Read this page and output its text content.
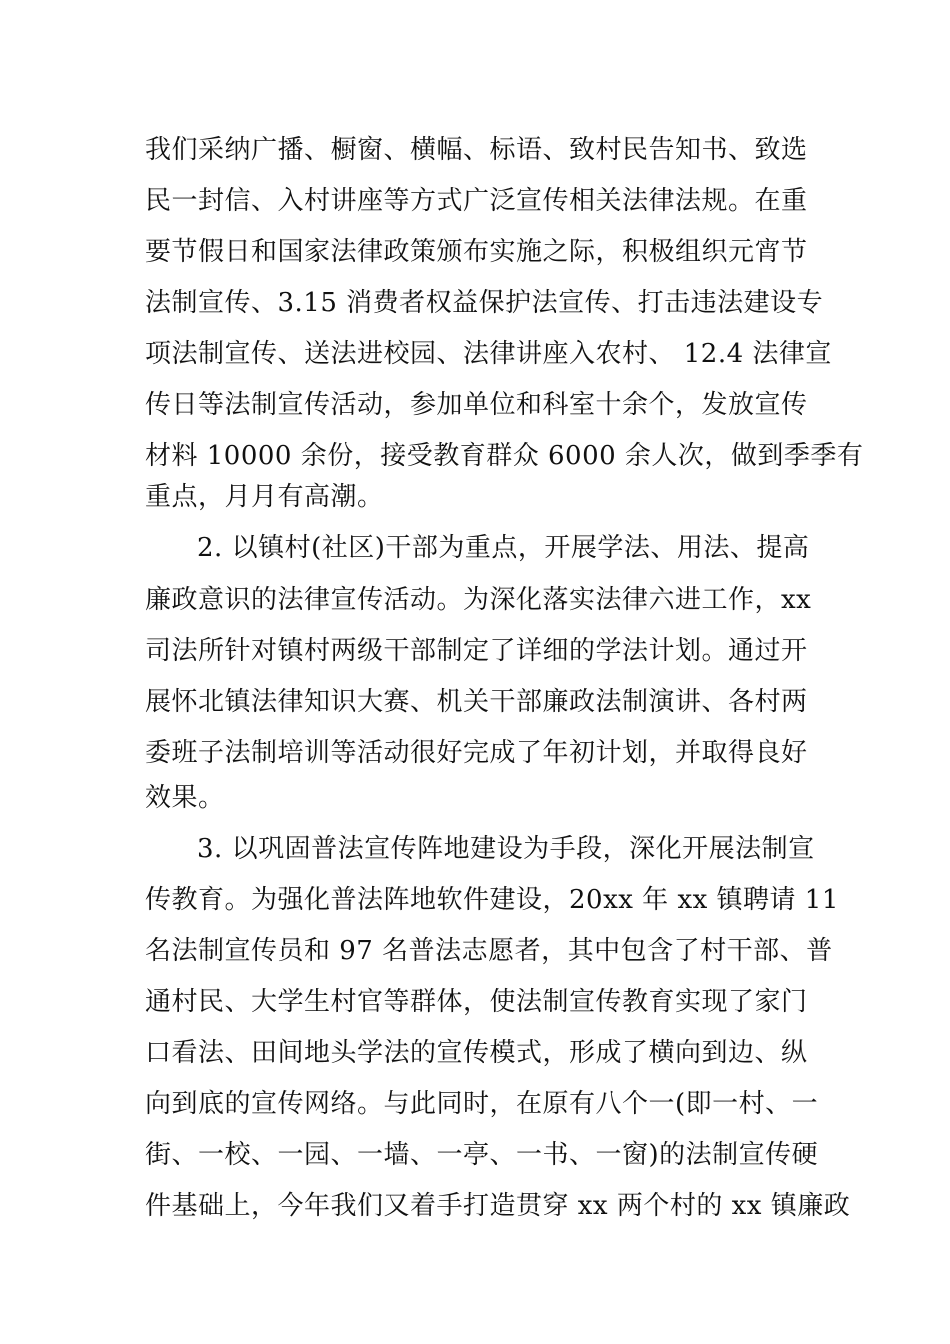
我们采纳广播、橱窗、横幅、标语、致村民告知书、致选
民一封信、入村讲座等方式广泛宣传相关法律法规。在重
要节假日和国家法律政策颁布实施之际，积极组织元宵节
法制宣传、3.15 消费者权益保护法宣传、打击违法建设专
项法制宣传、送法进校园、法律讲座入农村、 12.4 法律宣
传日等法制宣传活动，参加单位和科室十余个，发放宣传
材料 10000 余份，接受教育群众 6000 余人次，做到季季有
重点，月月有高潮。
2. 以镇村(社区)干部为重点，开展学法、用法、提高
廉政意识的法律宣传活动。为深化落实法律六进工作，xx
司法所针对镇村两级干部制定了详细的学法计划。通过开
展怀北镇法律知识大赛、机关干部廉政法制演讲、各村两
委班子法制培训等活动很好完成了年初计划，并取得良好
效果。
3. 以巩固普法宣传阵地建设为手段，深化开展法制宣
传教育。为强化普法阵地软件建设，20xx 年 xx 镇聘请 11
名法制宣传员和 97 名普法志愿者，其中包含了村干部、普
通村民、大学生村官等群体，使法制宣传教育实现了家门
口看法、田间地头学法的宣传模式，形成了横向到边、纵
向到底的宣传网络。与此同时，在原有八个一(即一村、一
街、一校、一园、一墙、一亭、一书、一窗)的法制宣传硬
件基础上，今年我们又着手打造贯穿 xx 两个村的 xx 镇廉政
